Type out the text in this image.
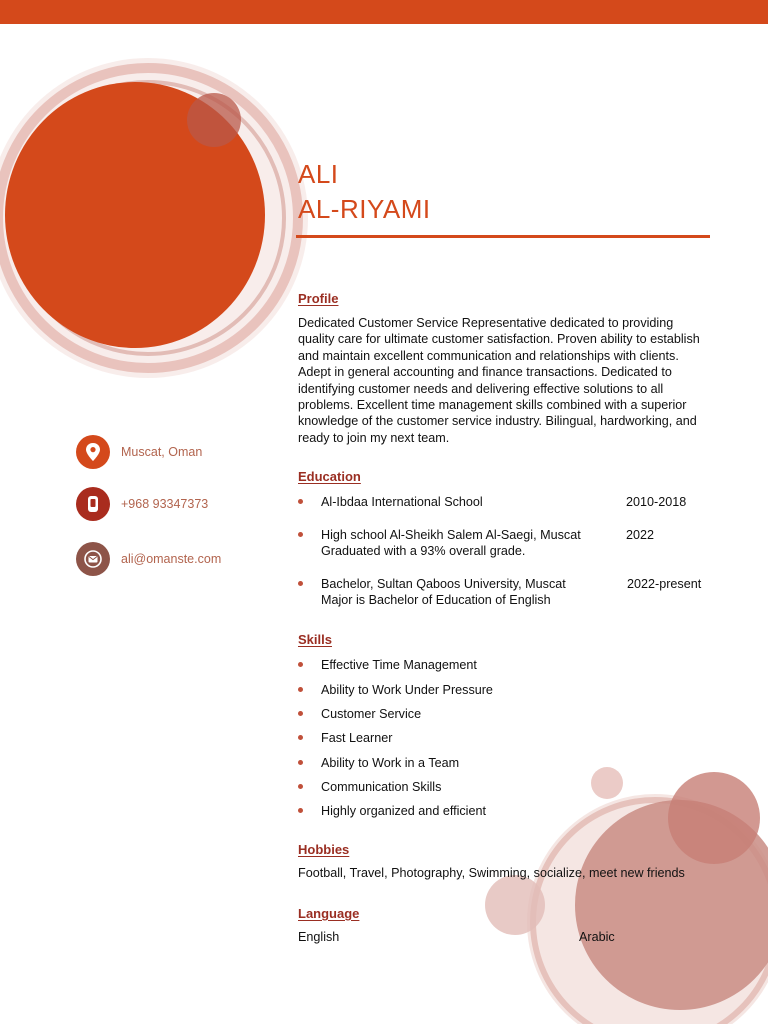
ALI
AL-RIYAMI
Muscat, Oman
+968 93347373
ali@omanste.com
Profile
Dedicated Customer Service Representative dedicated to providing quality care for ultimate customer satisfaction. Proven ability to establish and maintain excellent communication and relationships with clients. Adept in general accounting and finance transactions. Dedicated to identifying customer needs and delivering effective solutions to all problems. Excellent time management skills combined with a superior knowledge of the customer service industry. Bilingual, hardworking, and ready to join my next team.
Education
Al-Ibdaa International School	2010-2018
High school Al-Sheikh Salem Al-Saegi, Muscat
Graduated with a 93% overall grade.
2022
Bachelor, Sultan Qaboos University, Muscat
Major is Bachelor of Education of English
2022-present
Skills
Effective Time Management
Ability to Work Under Pressure
Customer Service
Fast Learner
Ability to Work in a Team
Communication Skills
Highly organized and efficient
Hobbies
Football, Travel, Photography, Swimming, socialize, meet new friends
Language
English	Arabic
